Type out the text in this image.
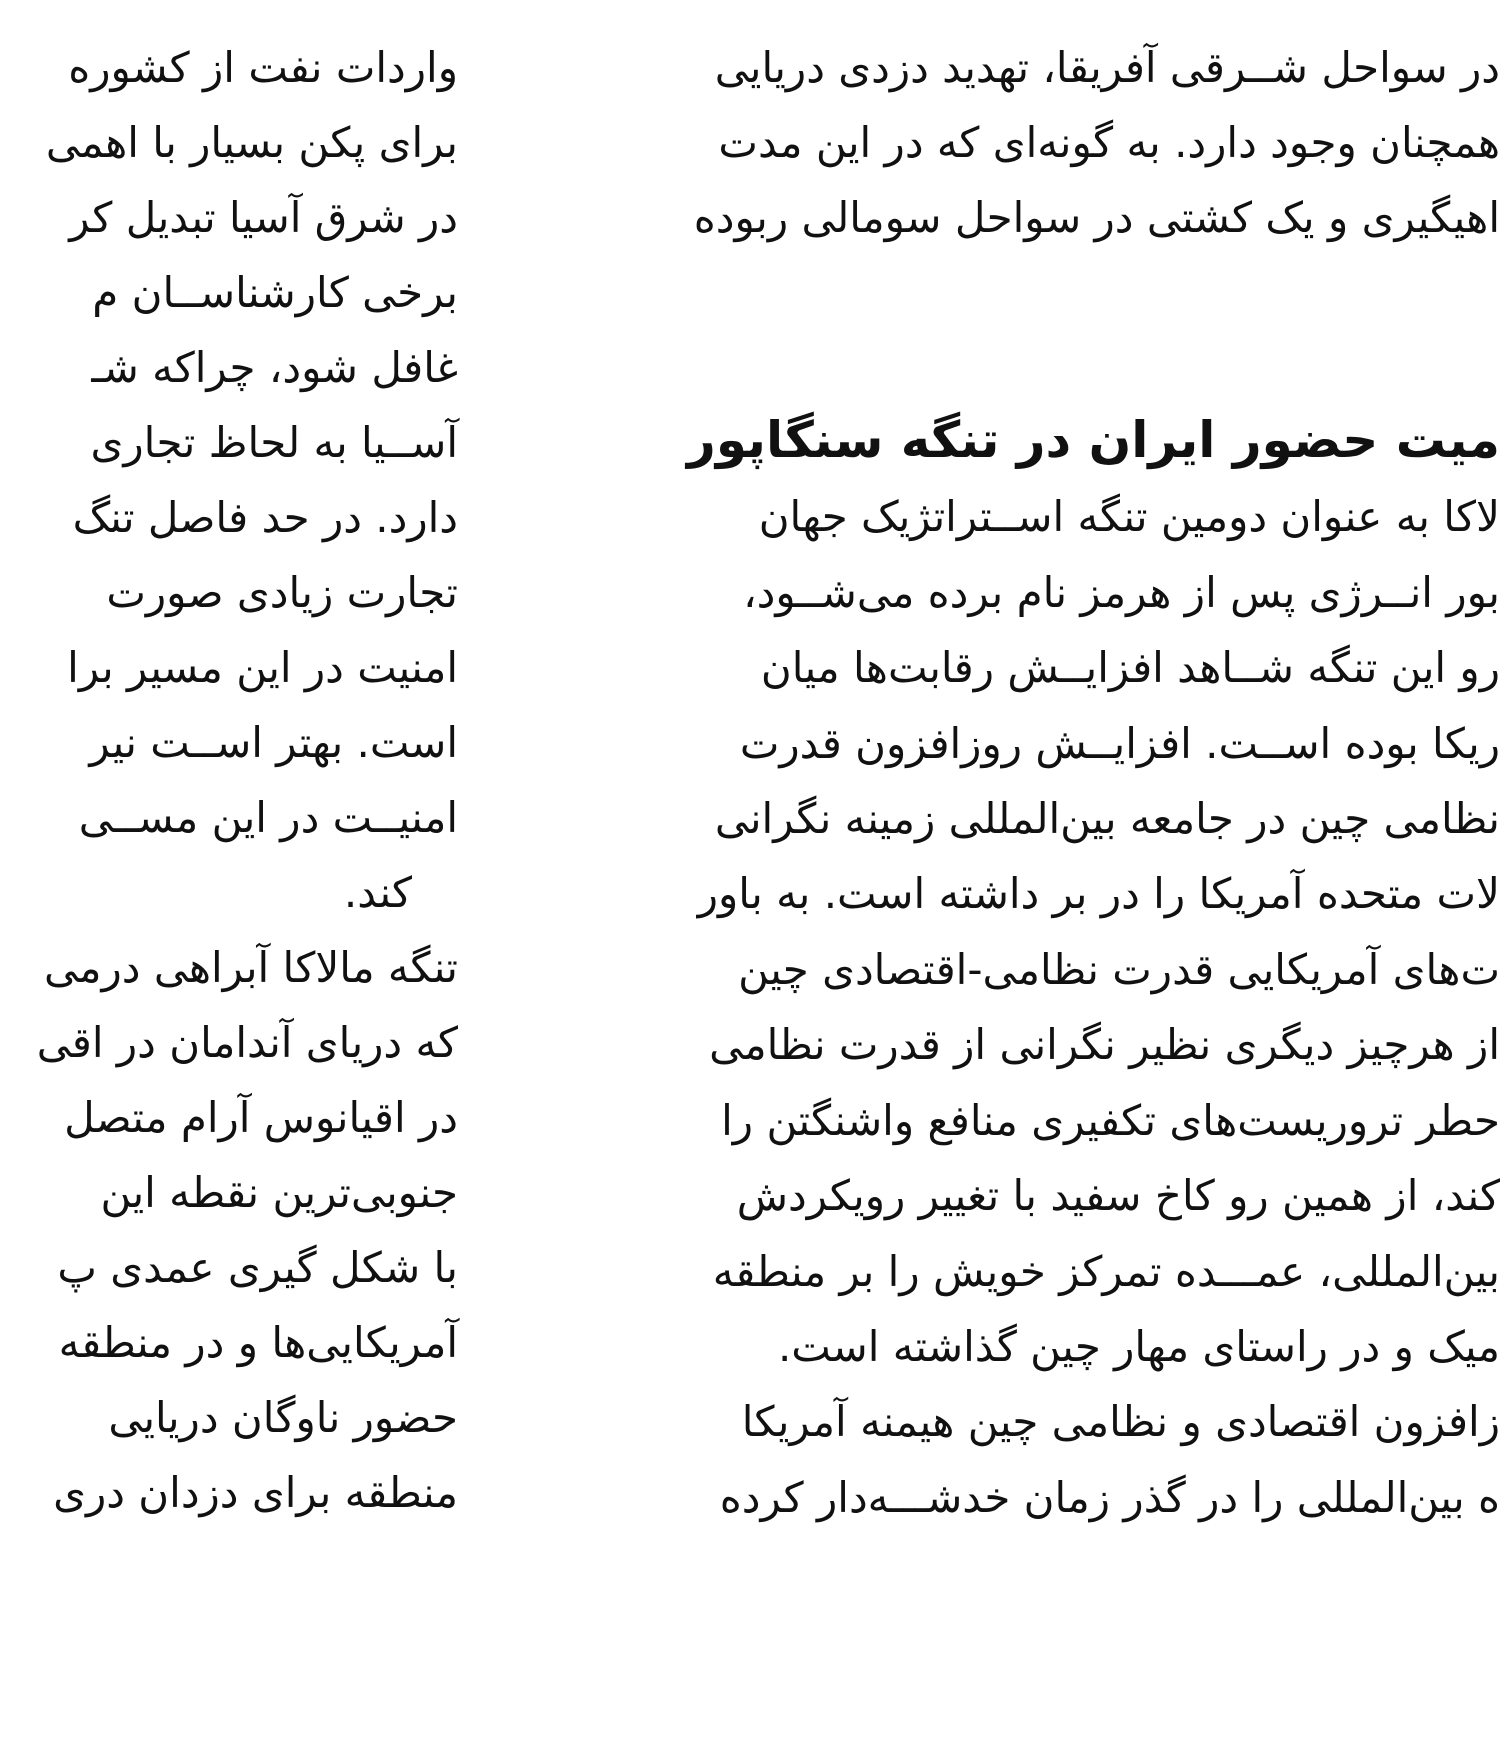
در سواحل شــرقی آفریقا، تهدید دزدی دریایی
همچنان وجود دارد. به گونه‌ای که در این مدت
اهیگیری و یک کشتی در سواحل سومالی ربوده
میت حضور ایران در تنگه سنگاپور
لاکا به عنوان دومین تنگه اســتراتژیک جهان
بور انــرژی پس از هرمز نام برده می‌شــود،
رو این تنگه شــاهد افزایــش رقابت‌ها میان
ریکا بوده اســت. افزایــش روزافزون قدرت
نظامی چین در جامعه بین‌المللی زمینه نگرانی
لات متحده آمریکا را در بر داشته است. به باور
ت‌های آمریکایی قدرت نظامی-اقتصادی چین
از هرچیز دیگری نظیر نگرانی از قدرت نظامی
حطر تروریست‌های تکفیری منافع واشنگتن را
کند، از همین رو کاخ سفید با تغییر رویکردش
بین‌المللی، عمـــده تمرکز خویش را بر منطقه
میک و در راستای مهار چین گذاشته است.
زافزون اقتصادی و نظامی چین هیمنه آمریکا
ه بین‌المللی را در گذر زمان خدشـــه‌دار کرده
واردات نفت از کشوره
برای پکن بسیار با اهمی
در شرق آسیا تبدیل کر
برخی کارشناســان م
غافل شود، چراکه شـ
آســیا به لحاظ تجاری
دارد. در حد فاصل تنگ
تجارت زیادی صورت
امنیت در این مسیر برا
است. بهتر اســت نیر
امنیــت در این مســی
کند.
تنگه مالاکا آبراهی درمی
که دریای آندامان در اقی
در اقیانوس آرام متصل
جنوبی‌ترین نقطه این
با شکل گیری عمدی پ
آمریکایی‌ها و در منطقه
حضور ناوگان دریایی
منطقه برای دزدان دری
